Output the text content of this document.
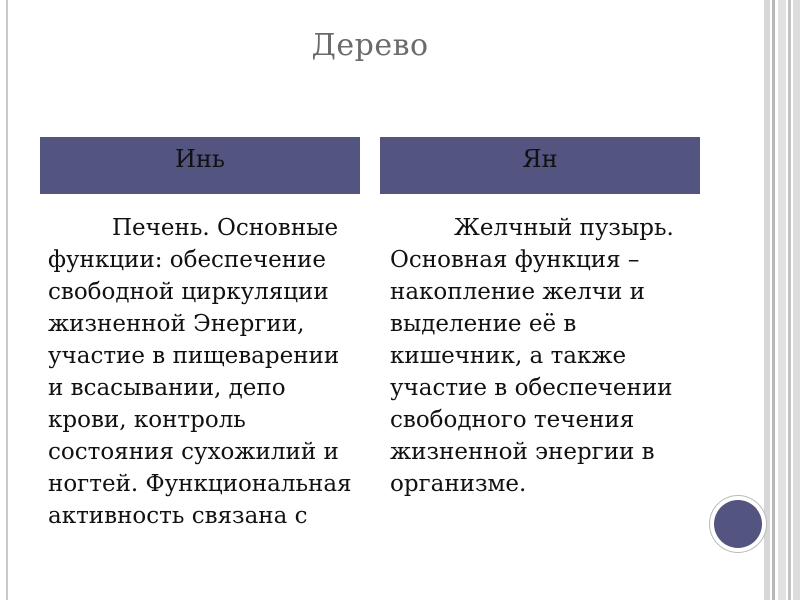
Дерево
Инь	Ян
Печень. Основные функции: обеспечение свободной циркуляции жизненной Энергии, участие в пищеварении и всасывании, депо крови, контроль состояния сухожилий и ногтей. Функциональная активность связана с
Желчный пузырь. Основная функция – накопление желчи и выделение её в кишечник, а также участие в обеспечении свободного течения жизненной энергии в организме.
